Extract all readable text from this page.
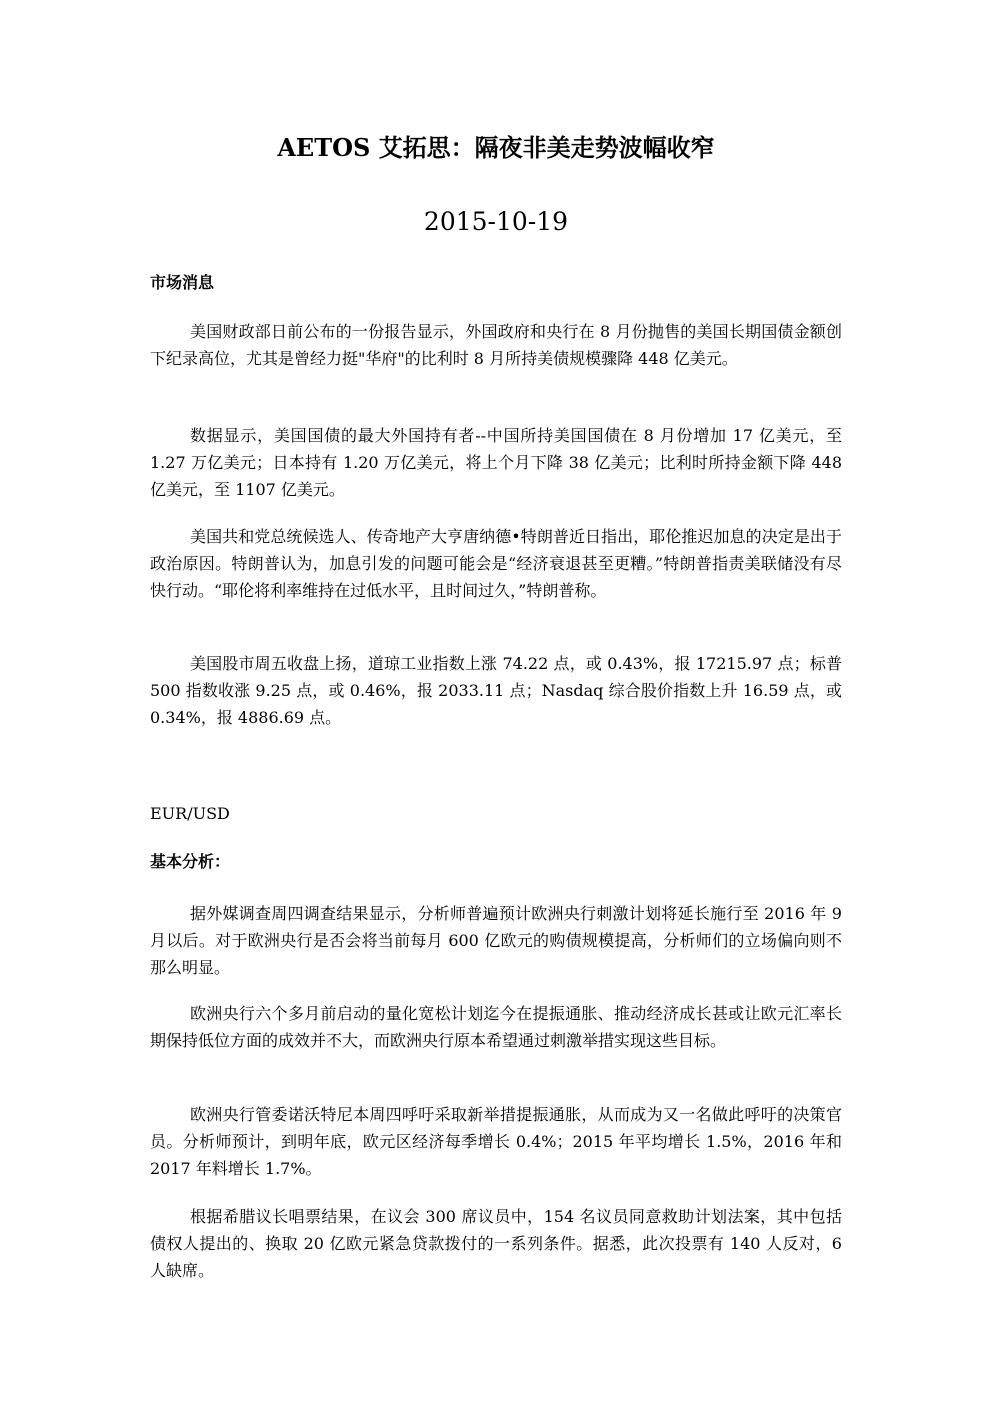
AETOS 艾拓思：隔夜非美走势波幅收窄
2015-10-19
市场消息

美国财政部日前公布的一份报告显示，外国政府和央行在 8 月份抛售的美国长期国债金额创下纪录高位，尤其是曾经力挺"华府"的比利时 8 月所持美债规模骤降 448 亿美元。

数据显示，美国国债的最大外国持有者--中国所持美国国债在 8 月份增加 17 亿美元，至 1.27 万亿美元；日本持有 1.20 万亿美元，将上个月下降 38 亿美元；比利时所持金额下降 448 亿美元，至 1107 亿美元。

美国共和党总统候选人、传奇地产大亨唐纳德•特朗普近日指出，耶伦推迟加息的决定是出于政治原因。特朗普认为，加息引发的问题可能会是“经济衰退甚至更糟。”特朗普指责美联储没有尽快行动。“耶伦将利率维持在过低水平，且时间过久，”特朗普称。

美国股市周五收盘上扬，道琼工业指数上涨 74.22 点，或 0.43%，报 17215.97 点；标普 500 指数收涨 9.25 点，或 0.46%，报 2033.11 点；Nasdaq 综合股价指数上升 16.59 点，或 0.34%，报 4886.69 点。

EUR/USD
基本分析：

据外媒调查周四调查结果显示，分析师普遍预计欧洲央行刺激计划将延长施行至 2016 年 9 月以后。对于欧洲央行是否会将当前每月 600 亿欧元的购债规模提高，分析师们的立场偏向则不那么明显。

欧洲央行六个多月前启动的量化宽松计划迄今在提振通胀、推动经济成长甚或让欧元汇率长期保持低位方面的成效并不大，而欧洲央行原本希望通过刺激举措实现这些目标。

欧洲央行管委诺沃特尼本周四呼吁采取新举措提振通胀，从而成为又一名做此呼吁的决策官员。分析师预计，到明年底，欧元区经济每季增长 0.4%；2015 年平均增长 1.5%，2016 年和 2017 年料增长 1.7%。

根据希腊议长唱票结果，在议会 300 席议员中，154 名议员同意救助计划法案，其中包括债权人提出的、换取 20 亿欧元紧急贷款拨付的一系列条件。据悉，此次投票有 140 人反对，6 人缺席。
